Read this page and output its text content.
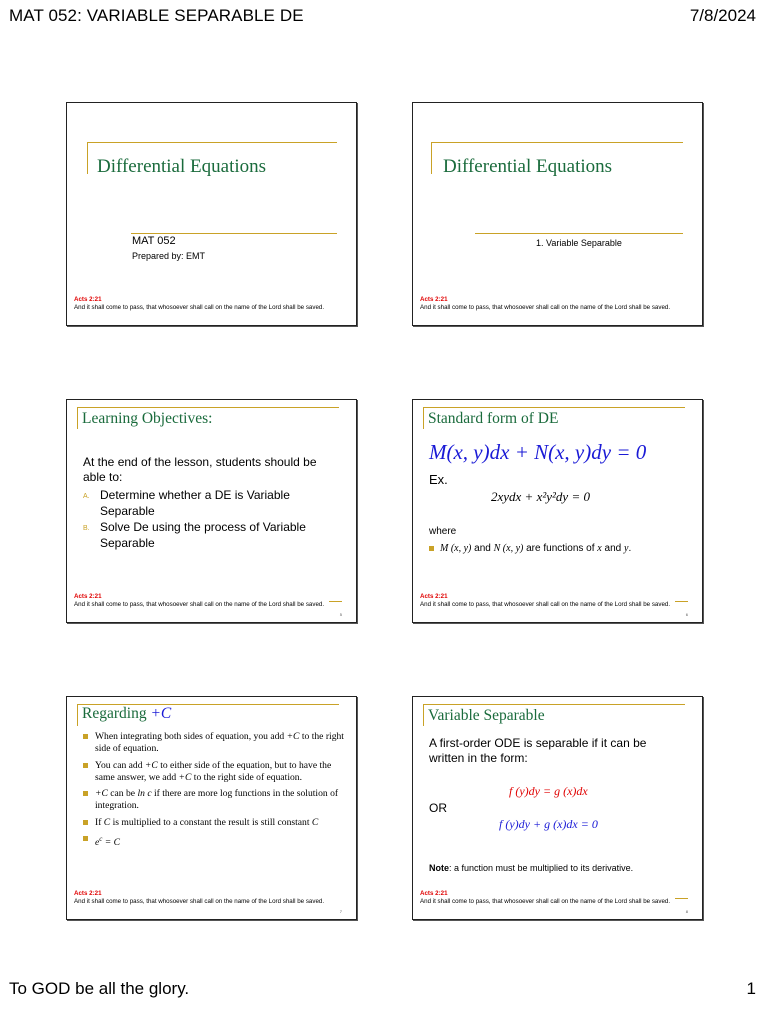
MAT 052: VARIABLE SEPARABLE DE	7/8/2024
Differential Equations
MAT 052
Prepared by: EMT
Acts 2:21
And it shall come to pass, that whosoever shall call on the name of the Lord shall be saved.
Differential Equations
1. Variable Separable
Acts 2:21
And it shall come to pass, that whosoever shall call on the name of the Lord shall be saved.
Learning Objectives:
At the end of the lesson, students should be able to:
A. Determine whether a DE is Variable Separable
B. Solve De using the process of Variable Separable
Acts 2:21
And it shall come to pass, that whosoever shall call on the name of the Lord shall be saved.
5
Standard form of DE
M(x, y)dx + N(x, y)dy = 0
Ex.
2xydx + x²y²dy = 0
where
M (x, y) and N (x, y) are functions of x and y.
Acts 2:21
And it shall come to pass, that whosoever shall call on the name of the Lord shall be saved.
6
Regarding +C
When integrating both sides of equation, you add +C to the right side of equation.
You can add +C to either side of the equation, but to have the same answer, we add +C to the right side of equation.
+C can be ln c if there are more log functions in the solution of integration.
If C is multiplied to a constant the result is still constant C
$e^c = C$
Acts 2:21
And it shall come to pass, that whosoever shall call on the name of the Lord shall be saved.
7
Variable Separable
A first-order ODE is separable if it can be written in the form:
f (y)dy = g (x)dx
OR
f (y)dy + g (x)dx = 0
Note: a function must be multiplied to its derivative.
Acts 2:21
And it shall come to pass, that whosoever shall call on the name of the Lord shall be saved.
8
To GOD be all the glory.	1
